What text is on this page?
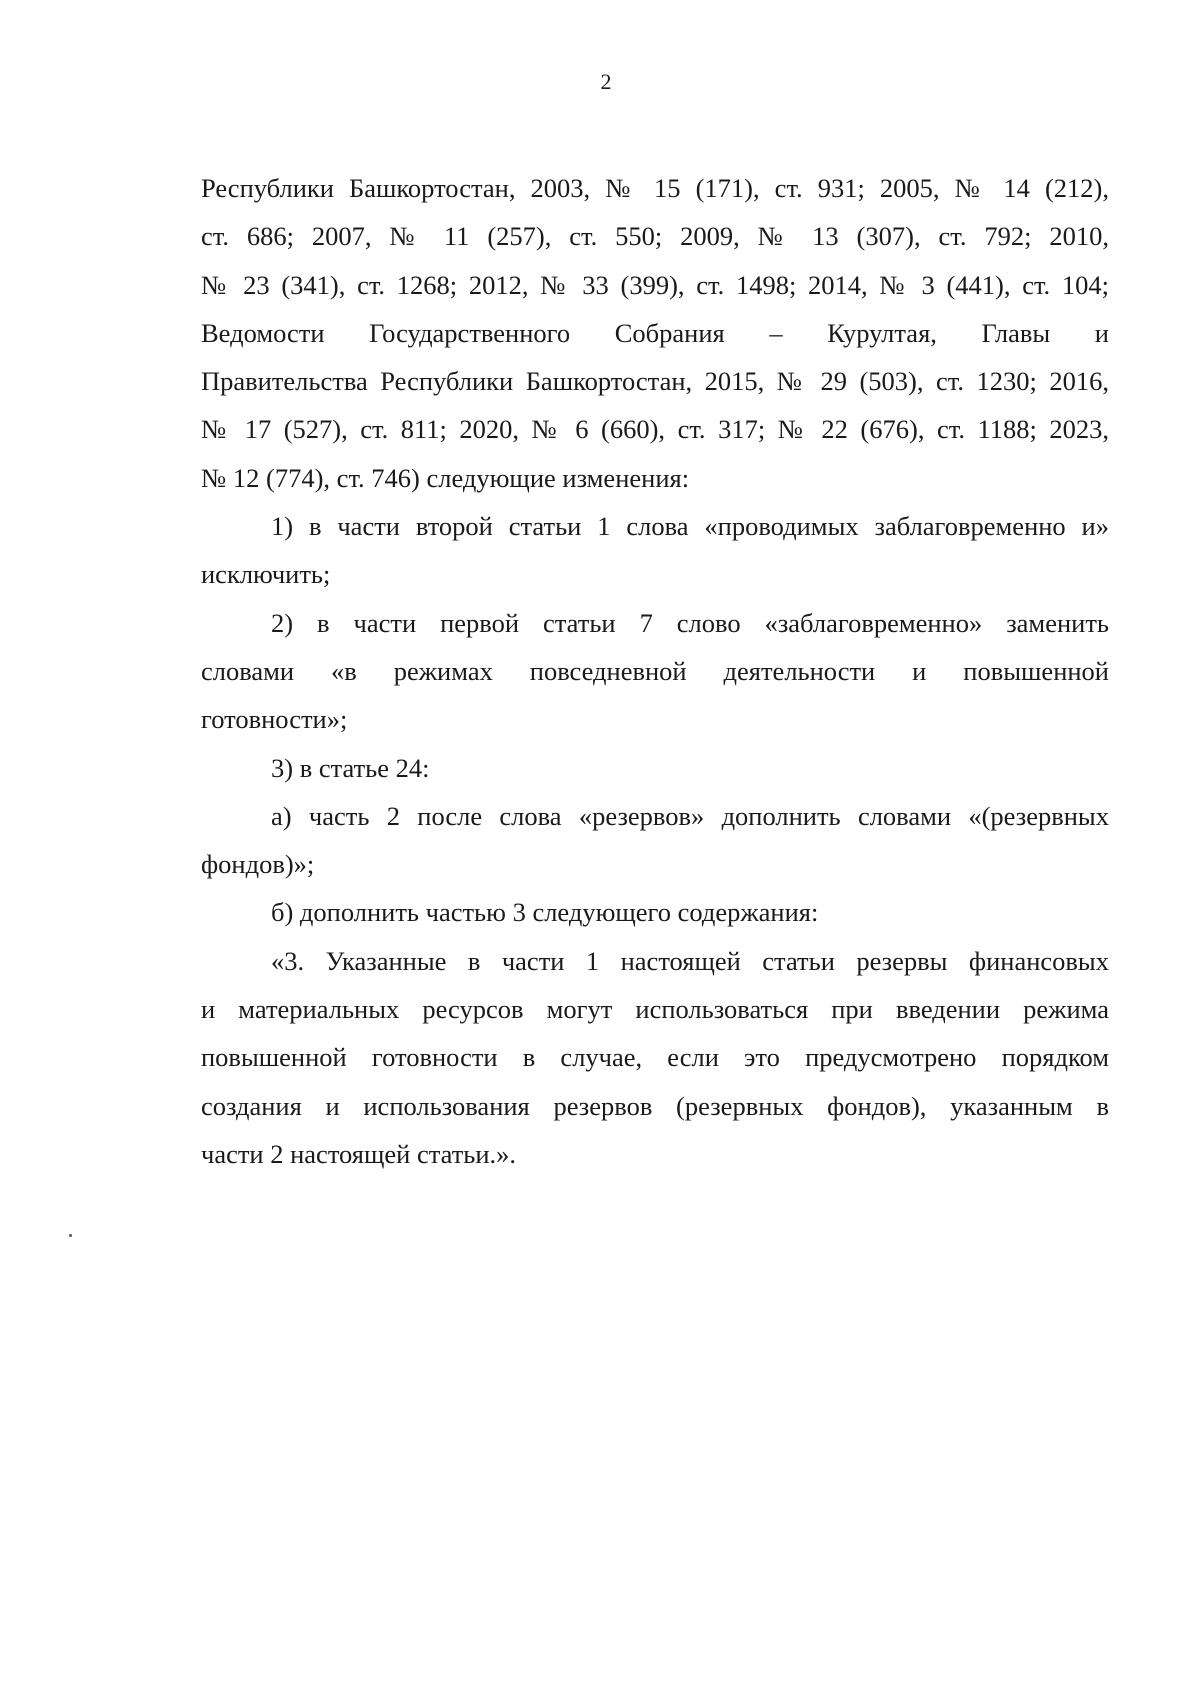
2

Республики Башкортостан, 2003, № 15 (171), ст. 931; 2005, № 14 (212),
ст. 686; 2007, № 11 (257), ст. 550; 2009, № 13 (307), ст. 792; 2010,
№ 23 (341), ст. 1268; 2012, № 33 (399), ст. 1498; 2014, № 3 (441), ст. 104;
Ведомости Государственного Собрания – Курултая, Главы и
Правительства Республики Башкортостан, 2015, № 29 (503), ст. 1230; 2016,
№ 17 (527), ст. 811; 2020, № 6 (660), ст. 317; № 22 (676), ст. 1188; 2023,
№ 12 (774), ст. 746) следующие изменения:

1) в части второй статьи 1 слова «проводимых заблаговременно и»
исключить;

2) в части первой статьи 7 слово «заблаговременно» заменить
словами «в режимах повседневной деятельности и повышенной
готовности»;

3) в статье 24:

а) часть 2 после слова «резервов» дополнить словами «(резервных
фондов)»;

б) дополнить частью 3 следующего содержания:

«3. Указанные в части 1 настоящей статьи резервы финансовых
и материальных ресурсов могут использоваться при введении режима
повышенной готовности в случае, если это предусмотрено порядком
создания и использования резервов (резервных фондов), указанным в
части 2 настоящей статьи.».
